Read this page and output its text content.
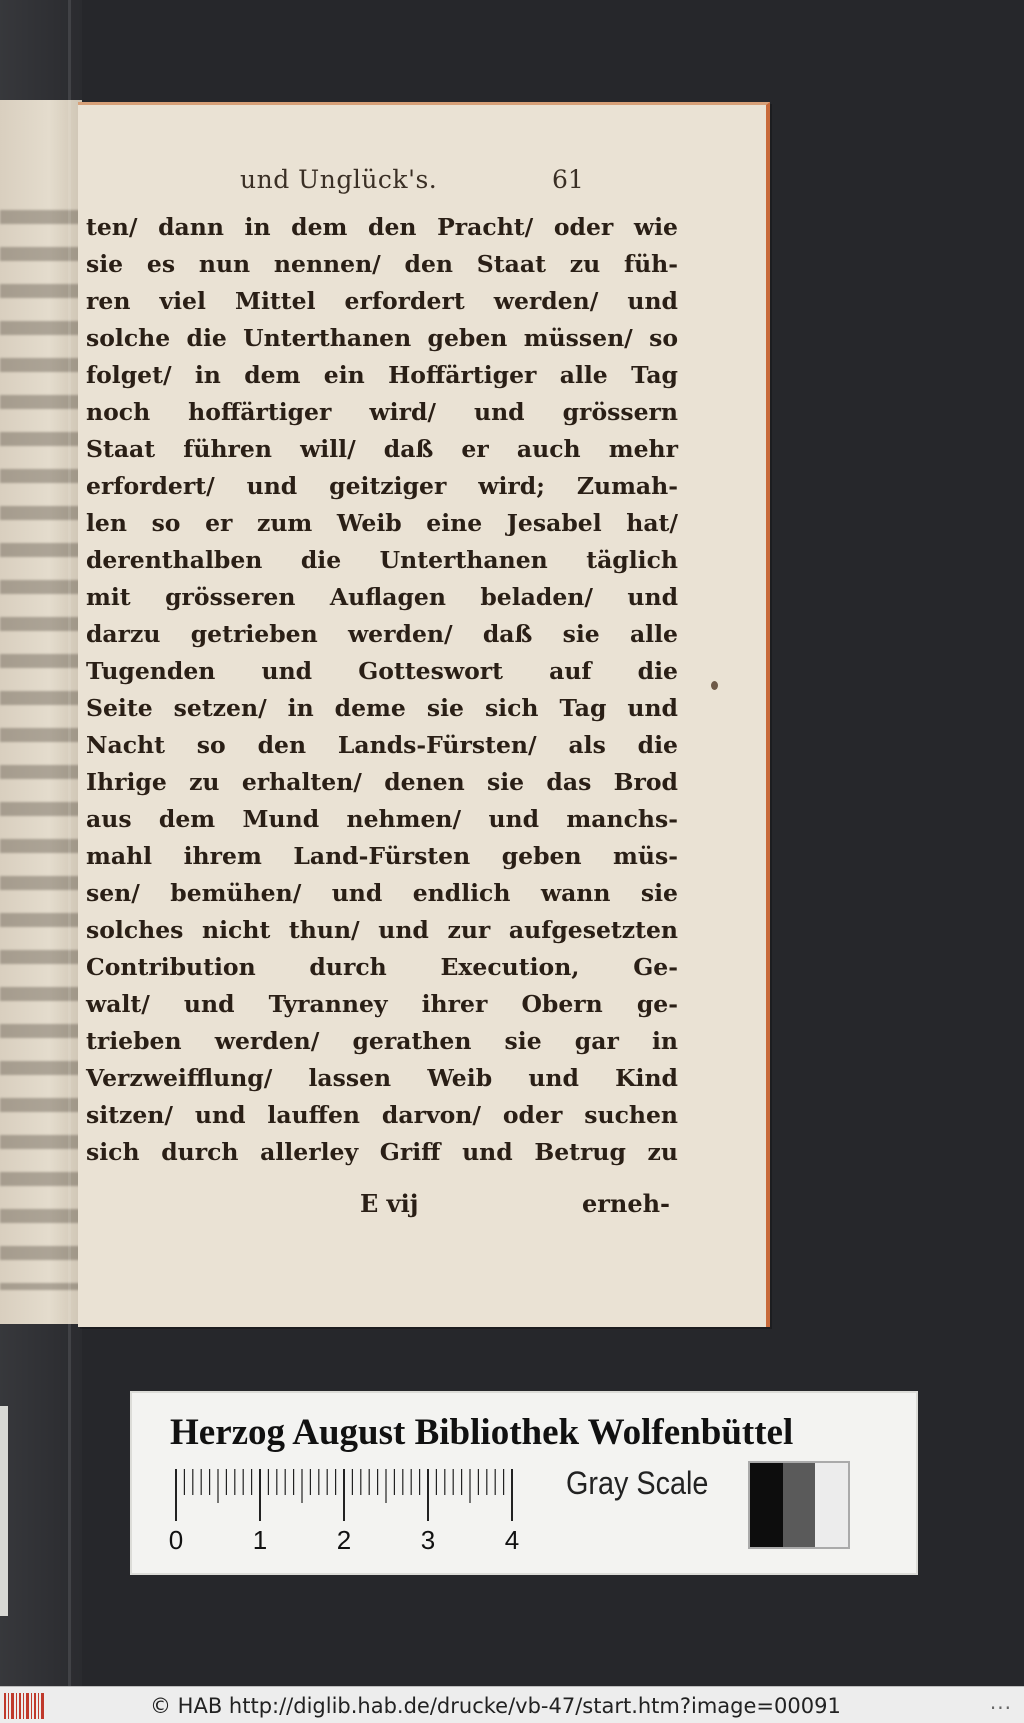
und Unglück's.	61
ten/ dann in dem den Pracht/ oder wie
sie es nun nennen/ den Staat zu füh-
ren viel Mittel erfordert werden/ und
solche die Unterthanen geben müssen/ so
folget/ in dem ein Hoffärtiger alle Tag
noch hoffärtiger wird/ und grössern
Staat führen will/ daß er auch mehr
erfordert/ und geitziger wird; Zumah-
len so er zum Weib eine Jesabel hat/
derenthalben die Unterthanen täglich
mit grösseren Auflagen beladen/ und
darzu getrieben werden/ daß sie alle
Tugenden und Gotteswort auf die
Seite setzen/ in deme sie sich Tag und
Nacht so den Lands-Fürsten/ als die
Ihrige zu erhalten/ denen sie das Brod
aus dem Mund nehmen/ und manchs-
mahl ihrem Land-Fürsten geben müs-
sen/ bemühen/ und endlich wann sie
solches nicht thun/ und zur aufgesetzten
Contribution durch Execution, Ge-
walt/ und Tyranney ihrer Obern ge-
trieben werden/ gerathen sie gar in
Verzweifflung/ lassen Weib und Kind
sitzen/ und lauffen darvon/ oder suchen
sich durch allerley Griff und Betrug zu
E vij	erneh-
Herzog August Bibliothek Wolfenbüttel
0	1	2	3	4
Gray Scale
© HAB http://diglib.hab.de/drucke/vb-47/start.htm?image=00091	...
